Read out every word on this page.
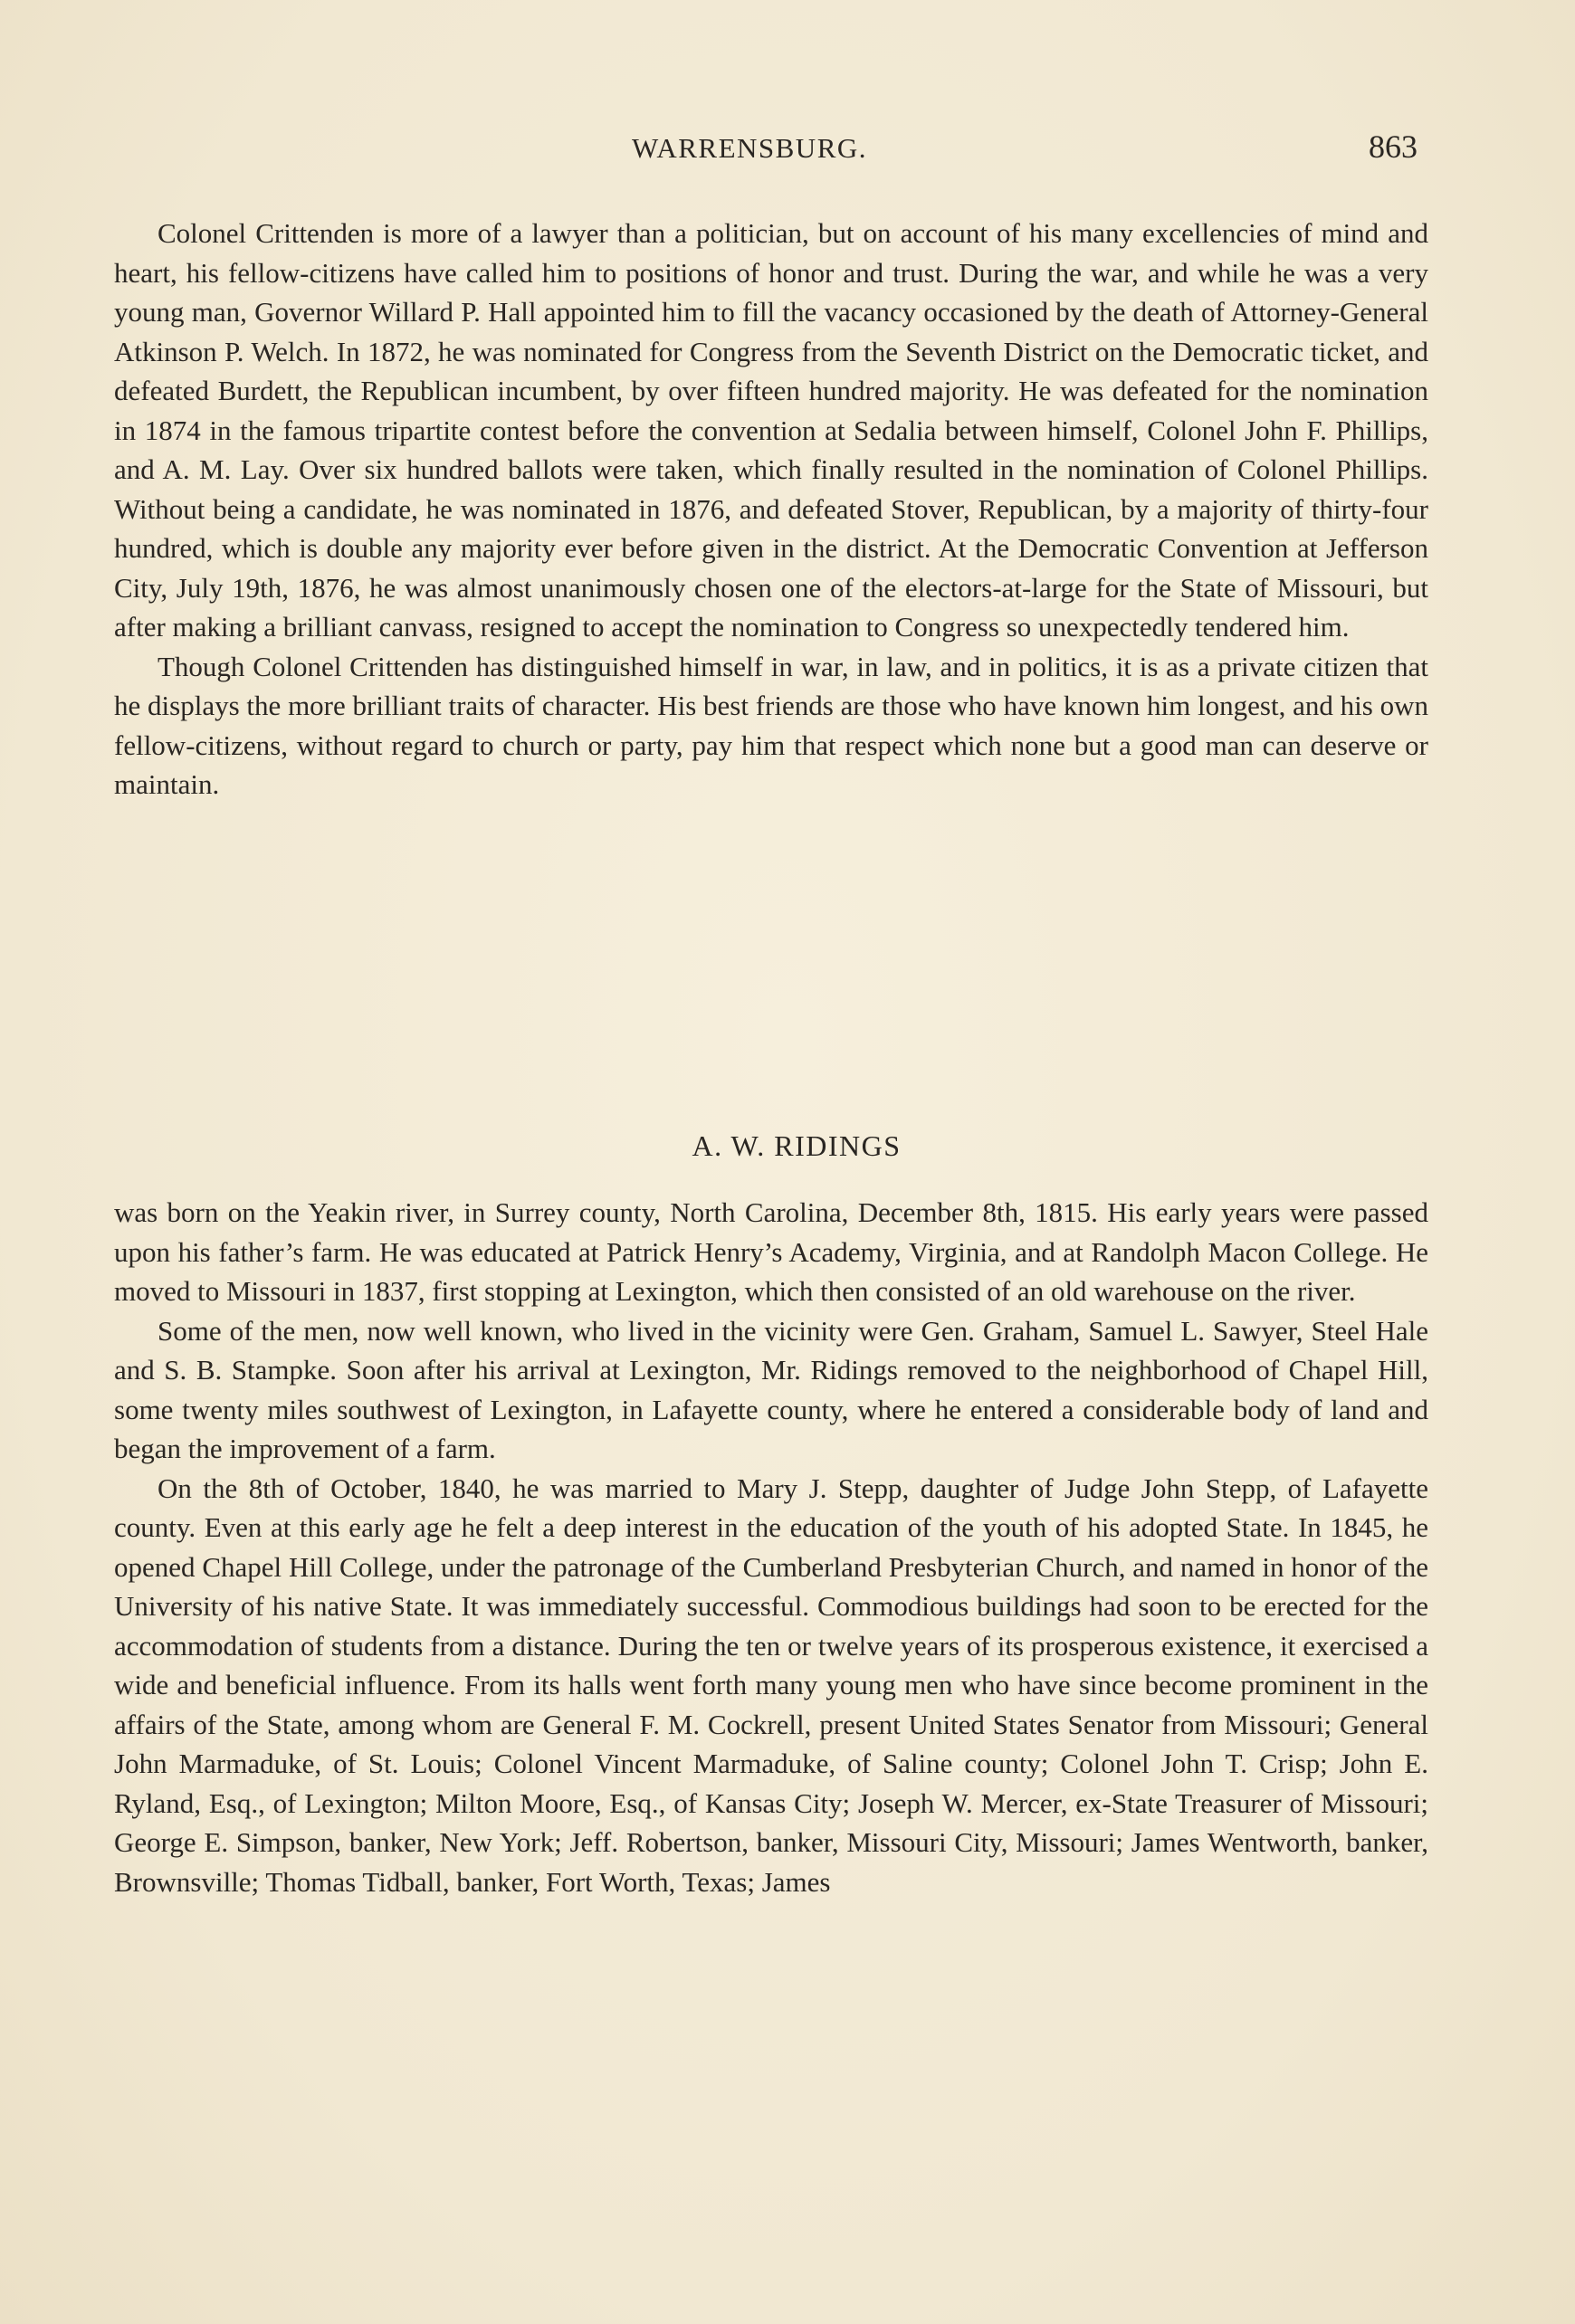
WARRENSBURG.	863

Colonel Crittenden is more of a lawyer than a politician, but on account of his many excellencies of mind and heart, his fellow-citizens have called him to positions of honor and trust. During the war, and while he was a very young man, Governor Willard P. Hall appointed him to fill the vacancy occasioned by the death of Attorney-General Atkinson P. Welch. In 1872, he was nominated for Congress from the Seventh District on the Democratic ticket, and defeated Burdett, the Republican incumbent, by over fifteen hundred majority. He was defeated for the nomination in 1874 in the famous tripartite contest before the convention at Sedalia between himself, Colonel John F. Phillips, and A. M. Lay. Over six hundred ballots were taken, which finally resulted in the nomination of Colonel Phillips. Without being a candidate, he was nominated in 1876, and defeated Stover, Republican, by a majority of thirty-four hundred, which is double any majority ever before given in the district. At the Democratic Convention at Jefferson City, July 19th, 1876, he was almost unanimously chosen one of the electors-at-large for the State of Missouri, but after making a brilliant canvass, resigned to accept the nomination to Congress so unexpectedly tendered him.

Though Colonel Crittenden has distinguished himself in war, in law, and in politics, it is as a private citizen that he displays the more brilliant traits of character. His best friends are those who have known him longest, and his own fellow-citizens, without regard to church or party, pay him that respect which none but a good man can deserve or maintain.

A. W. RIDINGS

was born on the Yeakin river, in Surrey county, North Carolina, December 8th, 1815. His early years were passed upon his father’s farm. He was educated at Patrick Henry’s Academy, Virginia, and at Randolph Macon College. He moved to Missouri in 1837, first stopping at Lexington, which then consisted of an old warehouse on the river.

Some of the men, now well known, who lived in the vicinity were Gen. Graham, Samuel L. Sawyer, Steel Hale and S. B. Stampke. Soon after his arrival at Lexington, Mr. Ridings removed to the neighborhood of Chapel Hill, some twenty miles southwest of Lexington, in Lafayette county, where he entered a considerable body of land and began the improvement of a farm.

On the 8th of October, 1840, he was married to Mary J. Stepp, daughter of Judge John Stepp, of Lafayette county. Even at this early age he felt a deep interest in the education of the youth of his adopted State. In 1845, he opened Chapel Hill College, under the patronage of the Cumberland Presbyterian Church, and named in honor of the University of his native State. It was immediately successful. Commodious buildings had soon to be erected for the accommodation of students from a distance. During the ten or twelve years of its prosperous existence, it exercised a wide and beneficial influence. From its halls went forth many young men who have since become prominent in the affairs of the State, among whom are General F. M. Cockrell, present United States Senator from Missouri; General John Marmaduke, of St. Louis; Colonel Vincent Marmaduke, of Saline county; Colonel John T. Crisp; John E. Ryland, Esq., of Lexington; Milton Moore, Esq., of Kansas City; Joseph W. Mercer, ex-State Treasurer of Missouri; George E. Simpson, banker, New York; Jeff. Robertson, banker, Missouri City, Missouri; James Wentworth, banker, Brownsville; Thomas Tidball, banker, Fort Worth, Texas; James
